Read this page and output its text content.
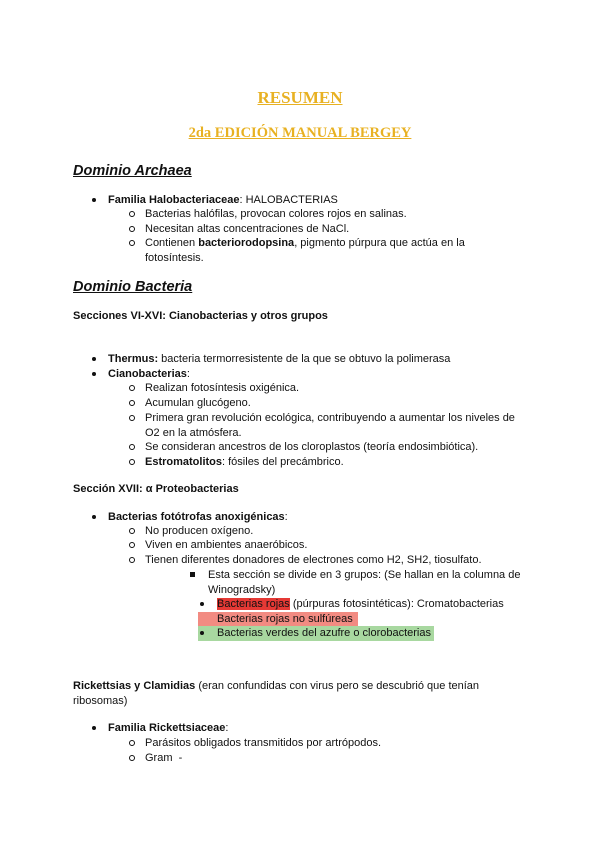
RESUMEN
2da EDICIÓN MANUAL BERGEY
Dominio Archaea
Familia Halobacteriaceae: HALOBACTERIAS
Bacterias halófilas, provocan colores rojos en salinas.
Necesitan altas concentraciones de NaCl.
Contienen bacteriorodopsina, pigmento púrpura que actúa en la
fotosíntesis.
Dominio Bacteria
Secciones VI-XVI: Cianobacterias y otros grupos
Thermus: bacteria termorresistente de la que se obtuvo la polimerasa
Cianobacterias:
Realizan fotosíntesis oxigénica.
Acumulan glucógeno.
Primera gran revolución ecológica, contribuyendo a aumentar los niveles de
O2 en la atmósfera.
Se consideran ancestros de los cloroplastos (teoría endosimbiótica).
Estromatolitos: fósiles del precámbrico.
Sección XVII: α Proteobacterias
Bacterias fotótrofas anoxigénicas:
No producen oxígeno.
Viven en ambientes anaeróbicos.
Tienen diferentes donadores de electrones como H2, SH2, tiosulfato.
Esta sección se divide en 3 grupos: (Se hallan en la columna de
Winogradsky)
Bacterias rojas (púrpuras fotosintéticas): Cromatobacterias
Bacterias rojas no sulfúreas
Bacterias verdes del azufre o clorobacterias
Rickettsias y Clamidias (eran confundidas con virus pero se descubrió que tenían
ribosomas)
Familia Rickettsiaceae:
Parásitos obligados transmitidos por artrópodos.
Gram  -
